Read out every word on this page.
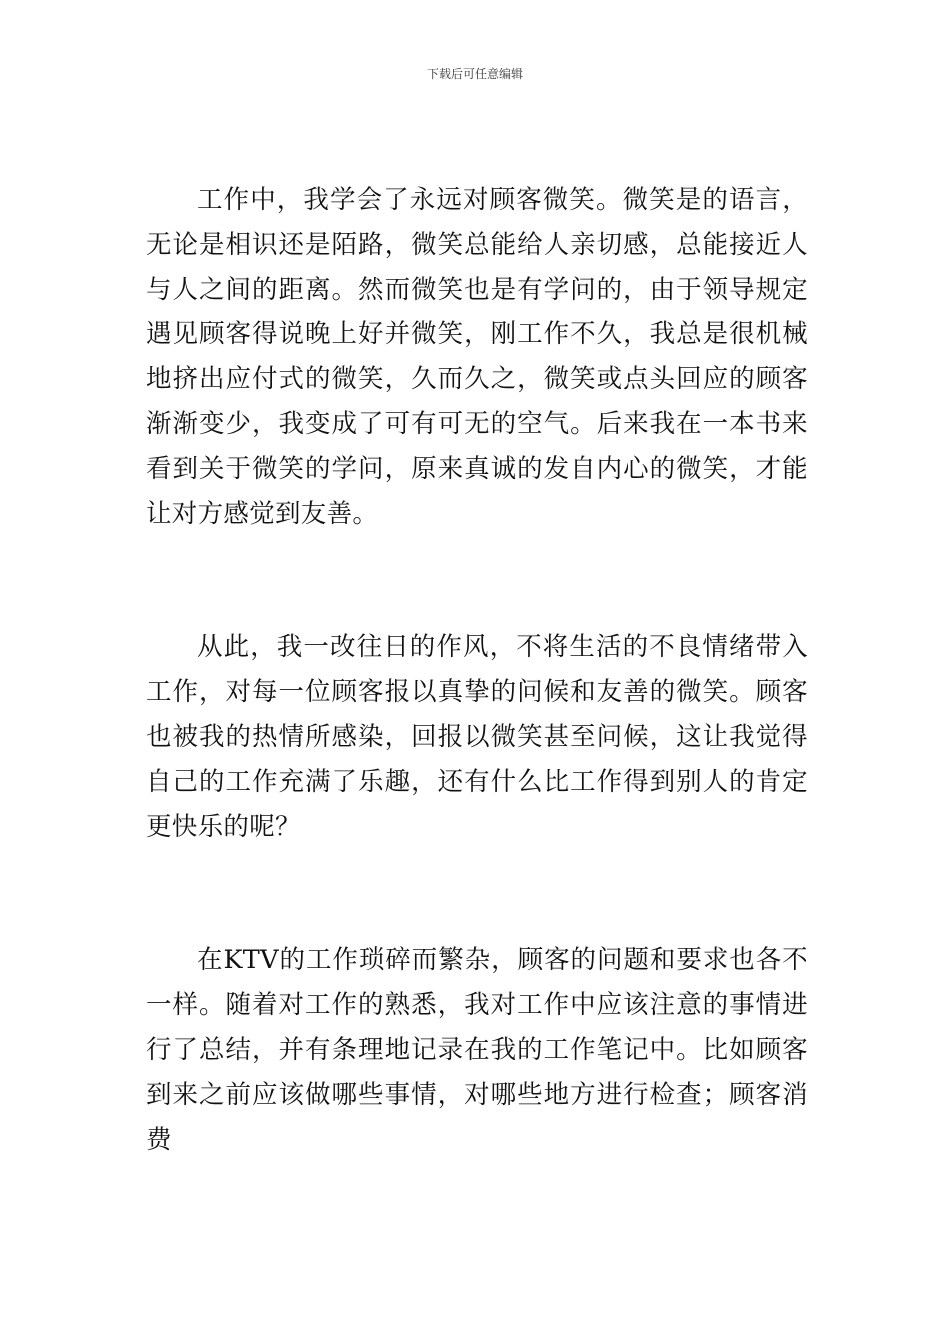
下载后可任意编辑

工作中，我学会了永远对顾客微笑。微笑是的语言，无论是相识还是陌路，微笑总能给人亲切感，总能接近人与人之间的距离。然而微笑也是有学问的，由于领导规定遇见顾客得说晚上好并微笑，刚工作不久，我总是很机械地挤出应付式的微笑，久而久之，微笑或点头回应的顾客渐渐变少，我变成了可有可无的空气。后来我在一本书来看到关于微笑的学问，原来真诚的发自内心的微笑，才能让对方感觉到友善。

从此，我一改往日的作风，不将生活的不良情绪带入工作，对每一位顾客报以真挚的问候和友善的微笑。顾客也被我的热情所感染，回报以微笑甚至问候，这让我觉得自己的工作充满了乐趣，还有什么比工作得到别人的肯定更快乐的呢？

在KTV的工作琐碎而繁杂，顾客的问题和要求也各不一样。随着对工作的熟悉，我对工作中应该注意的事情进行了总结，并有条理地记录在我的工作笔记中。比如顾客到来之前应该做哪些事情，对哪些地方进行检查；顾客消费
